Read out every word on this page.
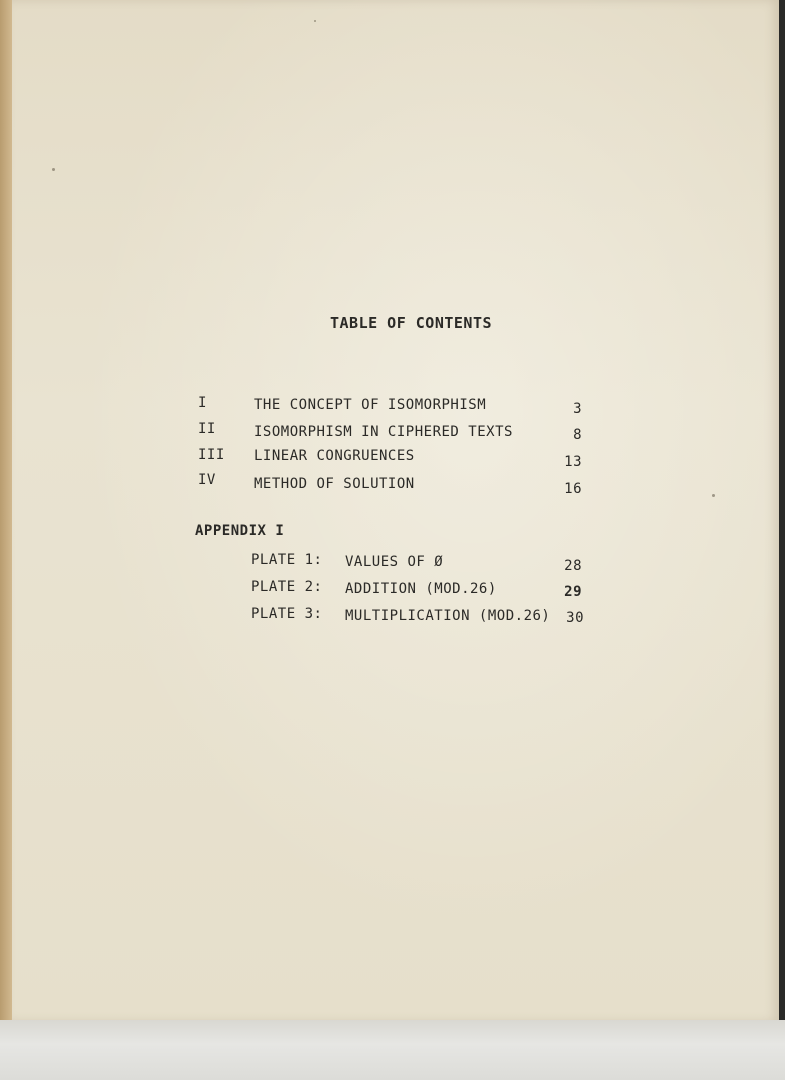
TABLE OF CONTENTS
I	THE CONCEPT OF ISOMORPHISM	3
II	ISOMORPHISM IN CIPHERED TEXTS	8
III LINEAR CONGRUENCES	13
IV	METHOD OF SOLUTION	16
APPENDIX I
PLATE 1: VALUES OF Ø	28
PLATE 2: ADDITION (MOD.26)	29
PLATE 3: MULTIPLICATION (MOD.26)	30
